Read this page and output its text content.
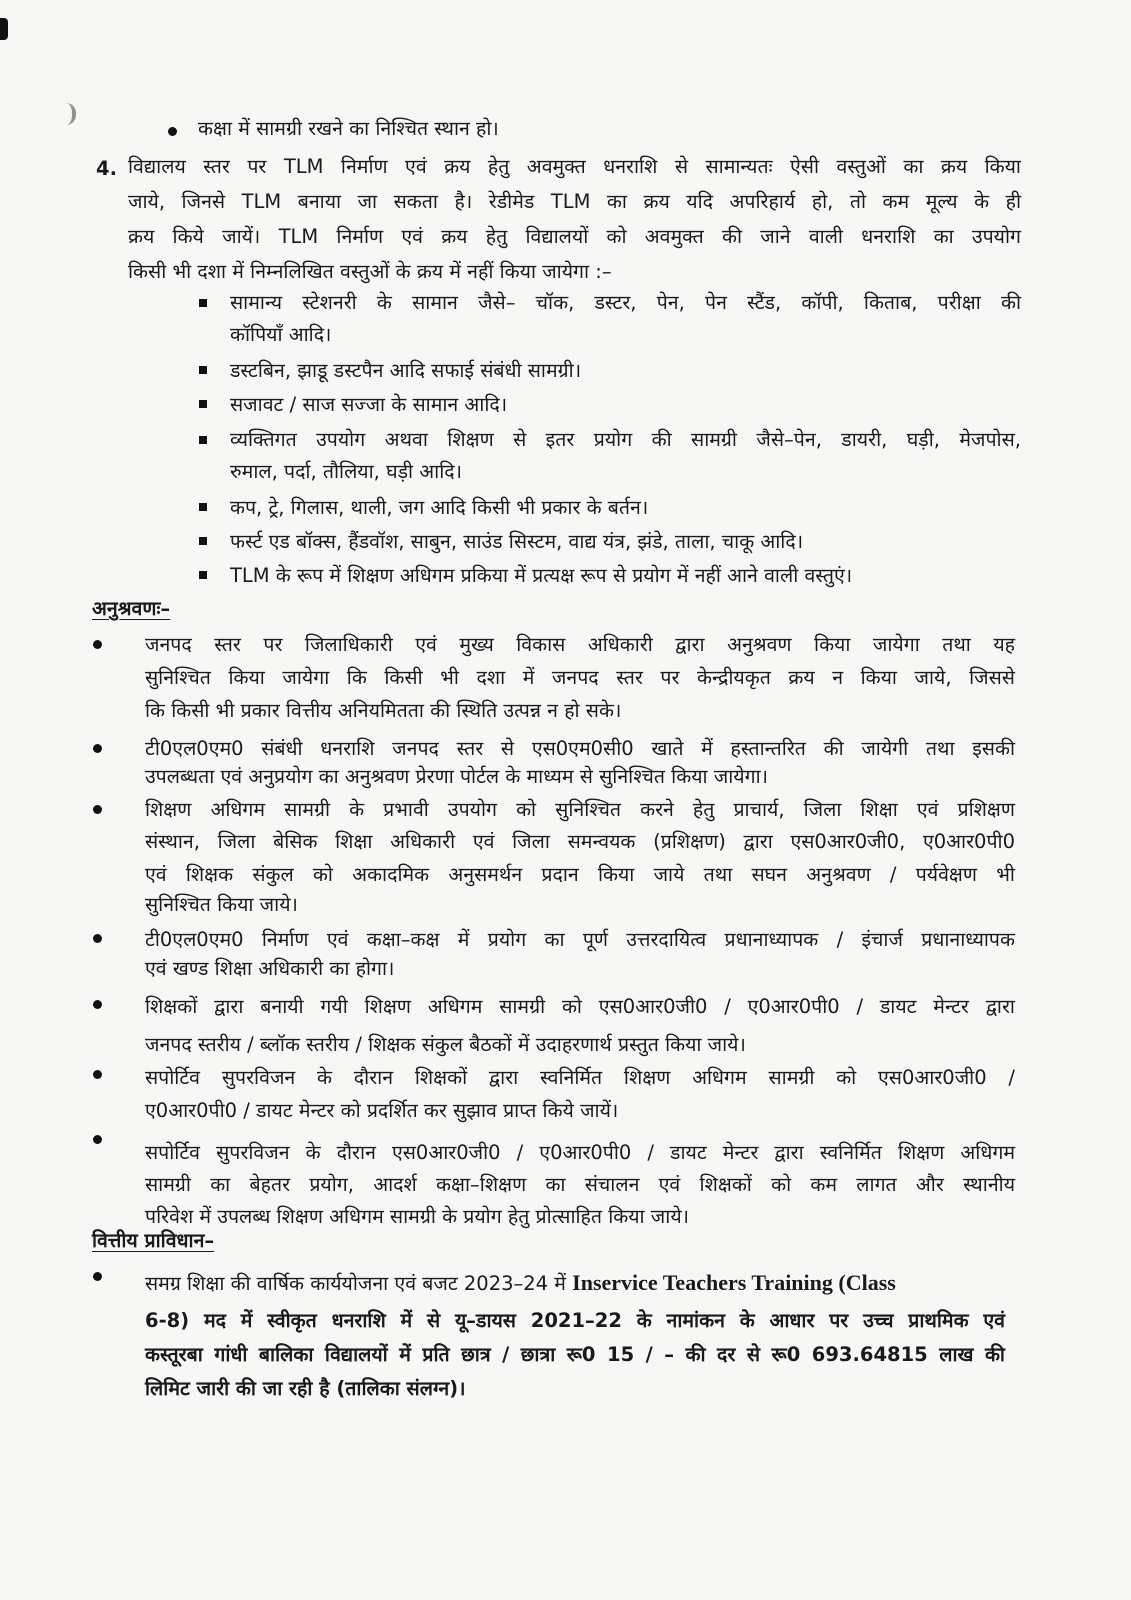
कक्षा में सामग्री रखने का निश्चित स्थान हो।
4. विद्यालय स्तर पर TLM निर्माण एवं क्रय हेतु अवमुक्त धनराशि से सामान्यतः ऐसी वस्तुओं का क्रय किया
जाये, जिनसे TLM बनाया जा सकता है। रेडीमेड TLM का क्रय यदि अपरिहार्य हो, तो कम मूल्य के ही
क्रय किये जायें। TLM निर्माण एवं क्रय हेतु विद्यालयों को अवमुक्त की जाने वाली धनराशि का उपयोग
किसी भी दशा में निम्नलिखित वस्तुओं के क्रय में नहीं किया जायेगा :–
सामान्य स्टेशनरी के सामान जैसे– चॉक, डस्टर, पेन, पेन स्टैंड, कॉपी, किताब, परीक्षा की
कॉपियाँ आदि।
डस्टबिन, झाडू डस्टपैन आदि सफाई संबंधी सामग्री।
सजावट / साज सज्जा के सामान आदि।
व्यक्तिगत उपयोग अथवा शिक्षण से इतर प्रयोग की सामग्री जैसे–पेन, डायरी, घड़ी, मेजपोस,
रुमाल, पर्दा, तौलिया, घड़ी आदि।
कप, ट्रे, गिलास, थाली, जग आदि किसी भी प्रकार के बर्तन।
फर्स्ट एड बॉक्स, हैंडवॉश, साबुन, साउंड सिस्टम, वाद्य यंत्र, झंडे, ताला, चाकू आदि।
TLM के रूप में शिक्षण अधिगम प्रकिया में प्रत्यक्ष रूप से प्रयोग में नहीं आने वाली वस्तुएं।
अनुश्रवणः–
जनपद स्तर पर जिलाधिकारी एवं मुख्य विकास अधिकारी द्वारा अनुश्रवण किया जायेगा तथा यह
सुनिश्चित किया जायेगा कि किसी भी दशा में जनपद स्तर पर केन्द्रीयकृत क्रय न किया जाये, जिससे
कि किसी भी प्रकार वित्तीय अनियमितता की स्थिति उत्पन्न न हो सके।
टी0एल0एम0 संबंधी धनराशि जनपद स्तर से एस0एम0सी0 खाते में हस्तान्तरित की जायेगी तथा इसकी
उपलब्धता एवं अनुप्रयोग का अनुश्रवण प्रेरणा पोर्टल के माध्यम से सुनिश्चित किया जायेगा।
शिक्षण अधिगम सामग्री के प्रभावी उपयोग को सुनिश्चित करने हेतु प्राचार्य, जिला शिक्षा एवं प्रशिक्षण
संस्थान, जिला बेसिक शिक्षा अधिकारी एवं जिला समन्वयक (प्रशिक्षण) द्वारा एस0आर0जी0, ए0आर0पी0
एवं शिक्षक संकुल को अकादमिक अनुसमर्थन प्रदान किया जाये तथा सघन अनुश्रवण / पर्यवेक्षण भी
सुनिश्चित किया जाये।
टी0एल0एम0 निर्माण एवं कक्षा–कक्ष में प्रयोग का पूर्ण उत्तरदायित्व प्रधानाध्यापक / इंचार्ज प्रधानाध्यापक
एवं खण्ड शिक्षा अधिकारी का होगा।
शिक्षकों द्वारा बनायी गयी शिक्षण अधिगम सामग्री को एस0आर0जी0 / ए0आर0पी0 / डायट मेन्टर द्वारा
जनपद स्तरीय / ब्लॉक स्तरीय / शिक्षक संकुल बैठकों में उदाहरणार्थ प्रस्तुत किया जाये।
सपोर्टिव सुपरविजन के दौरान शिक्षकों द्वारा स्वनिर्मित शिक्षण अधिगम सामग्री को एस0आर0जी0 /
ए0आर0पी0 / डायट मेन्टर को प्रदर्शित कर सुझाव प्राप्त किये जायें।
सपोर्टिव सुपरविजन के दौरान एस0आर0जी0 / ए0आर0पी0 / डायट मेन्टर द्वारा स्वनिर्मित शिक्षण अधिगम
सामग्री का बेहतर प्रयोग, आदर्श कक्षा–शिक्षण का संचालन एवं शिक्षकों को कम लागत और स्थानीय
परिवेश में उपलब्ध शिक्षण अधिगम सामग्री के प्रयोग हेतु प्रोत्साहित किया जाये।
वित्तीय प्राविधान–
समग्र शिक्षा की वार्षिक कार्ययोजना एवं बजट 2023–24 में Inservice Teachers Training (Class
6-8) मद में स्वीकृत धनराशि में से यू–डायस 2021–22 के नामांकन के आधार पर उच्च प्राथमिक एवं
कस्तूरबा गांधी बालिका विद्यालयों में प्रति छात्र / छात्रा रू0 15 / – की दर से रू0 693.64815 लाख की
लिमिट जारी की जा रही है (तालिका संलग्न)।
